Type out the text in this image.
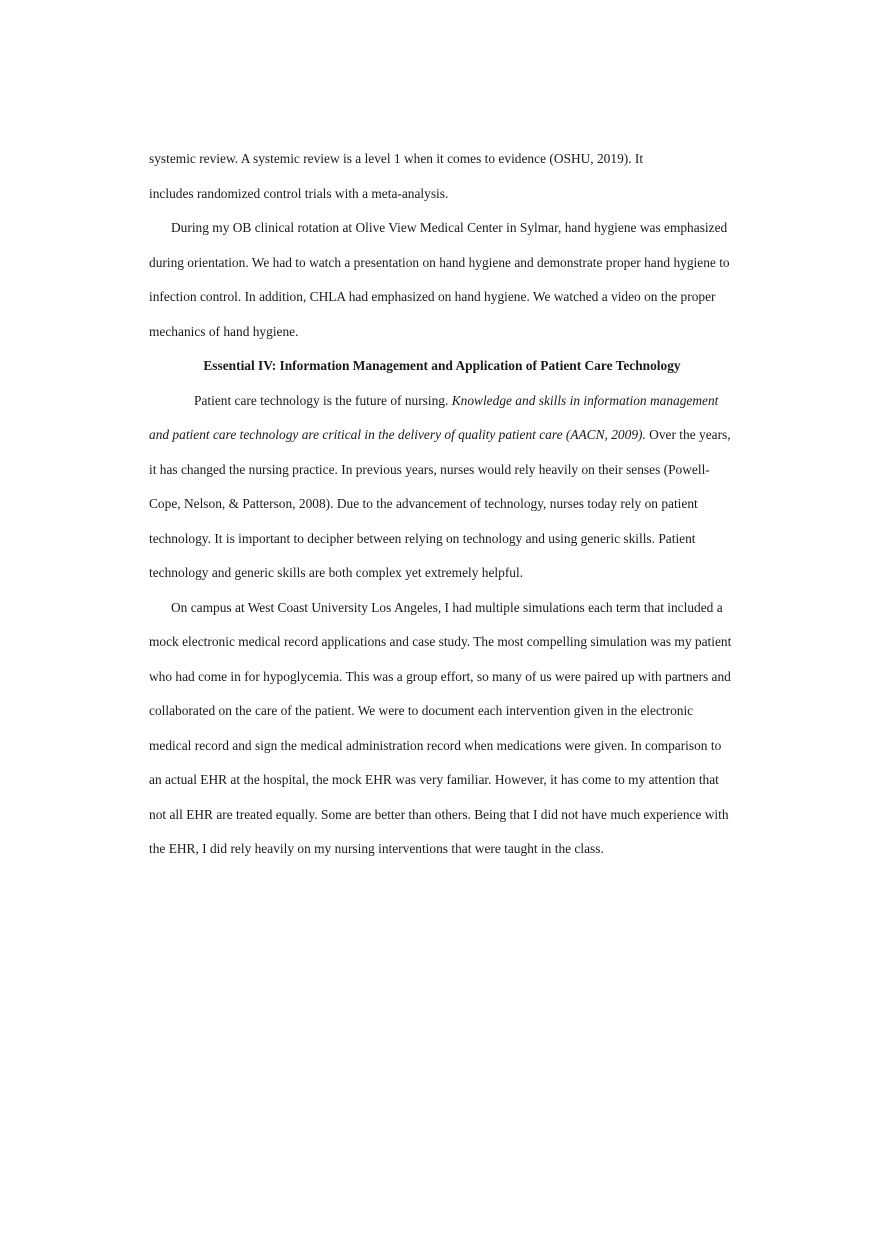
systemic review. A systemic review is a level 1 when it comes to evidence (OSHU, 2019). It
includes randomized control trials with a meta-analysis.

During my OB clinical rotation at Olive View Medical Center in Sylmar, hand hygiene was emphasized during orientation. We had to watch a presentation on hand hygiene and demonstrate proper hand hygiene to infection control. In addition, CHLA had emphasized on hand hygiene. We watched a video on the proper mechanics of hand hygiene.

Essential IV: Information Management and Application of Patient Care Technology

Patient care technology is the future of nursing. Knowledge and skills in information management and patient care technology are critical in the delivery of quality patient care (AACN, 2009). Over the years, it has changed the nursing practice. In previous years, nurses would rely heavily on their senses (Powell-Cope, Nelson, & Patterson, 2008). Due to the advancement of technology, nurses today rely on patient technology. It is important to decipher between relying on technology and using generic skills. Patient technology and generic skills are both complex yet extremely helpful.

On campus at West Coast University Los Angeles, I had multiple simulations each term that included a mock electronic medical record applications and case study. The most compelling simulation was my patient who had come in for hypoglycemia. This was a group effort, so many of us were paired up with partners and collaborated on the care of the patient. We were to document each intervention given in the electronic medical record and sign the medical administration record when medications were given. In comparison to an actual EHR at the hospital, the mock EHR was very familiar. However, it has come to my attention that not all EHR are treated equally. Some are better than others. Being that I did not have much experience with the EHR, I did rely heavily on my nursing interventions that were taught in the class.
